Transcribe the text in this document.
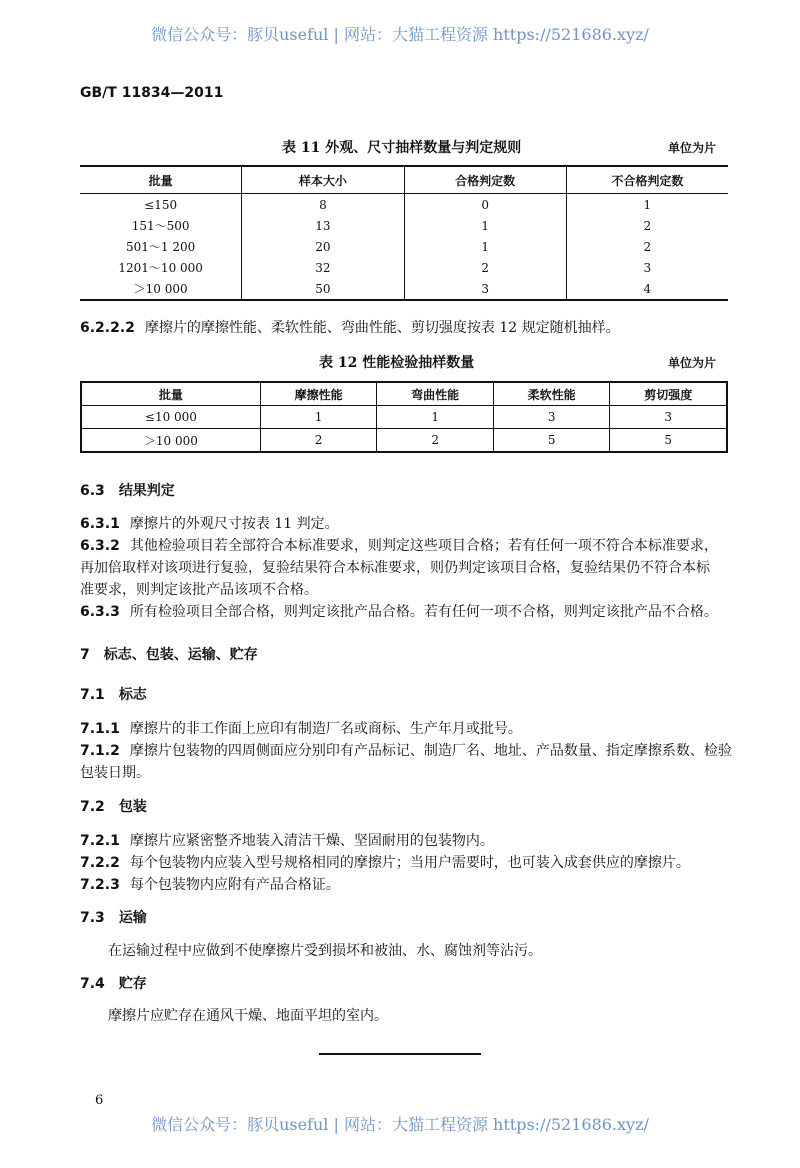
微信公众号：豚贝useful | 网站：大猫工程资源 https://521686.xyz/
GB/T 11834—2011
表 11 外观、尺寸抽样数量与判定规则	单位为片
批量	样本大小	合格判定数	不合格判定数
≤150	8	0	1
151～500	13	1	2
501～1 200	20	1	2
1201～10 000	32	2	3
＞10 000	50	3	4
6.2.2.2 摩擦片的摩擦性能、柔软性能、弯曲性能、剪切强度按表 12 规定随机抽样。
表 12 性能检验抽样数量	单位为片
批量	摩擦性能	弯曲性能	柔软性能	剪切强度
≤10 000	1	1	3	3
＞10 000	2	2	5	5
6.3 结果判定
6.3.1 摩擦片的外观尺寸按表 11 判定。
6.3.2 其他检验项目若全部符合本标准要求，则判定这些项目合格；若有任何一项不符合本标准要求，
再加倍取样对该项进行复验，复验结果符合本标准要求，则仍判定该项目合格，复验结果仍不符合本标
准要求，则判定该批产品该项不合格。
6.3.3 所有检验项目全部合格，则判定该批产品合格。若有任何一项不合格，则判定该批产品不合格。
7 标志、包装、运输、贮存
7.1 标志
7.1.1 摩擦片的非工作面上应印有制造厂名或商标、生产年月或批号。
7.1.2 摩擦片包装物的四周侧面应分别印有产品标记、制造厂名、地址、产品数量、指定摩擦系数、检验
包装日期。
7.2 包装
7.2.1 摩擦片应紧密整齐地装入清洁干燥、坚固耐用的包装物内。
7.2.2 每个包装物内应装入型号规格相同的摩擦片；当用户需要时，也可装入成套供应的摩擦片。
7.2.3 每个包装物内应附有产品合格证。
7.3 运输
在运输过程中应做到不使摩擦片受到损坏和被油、水、腐蚀剂等沾污。
7.4 贮存
摩擦片应贮存在通风干燥、地面平坦的室内。
6
微信公众号：豚贝useful | 网站：大猫工程资源 https://521686.xyz/
